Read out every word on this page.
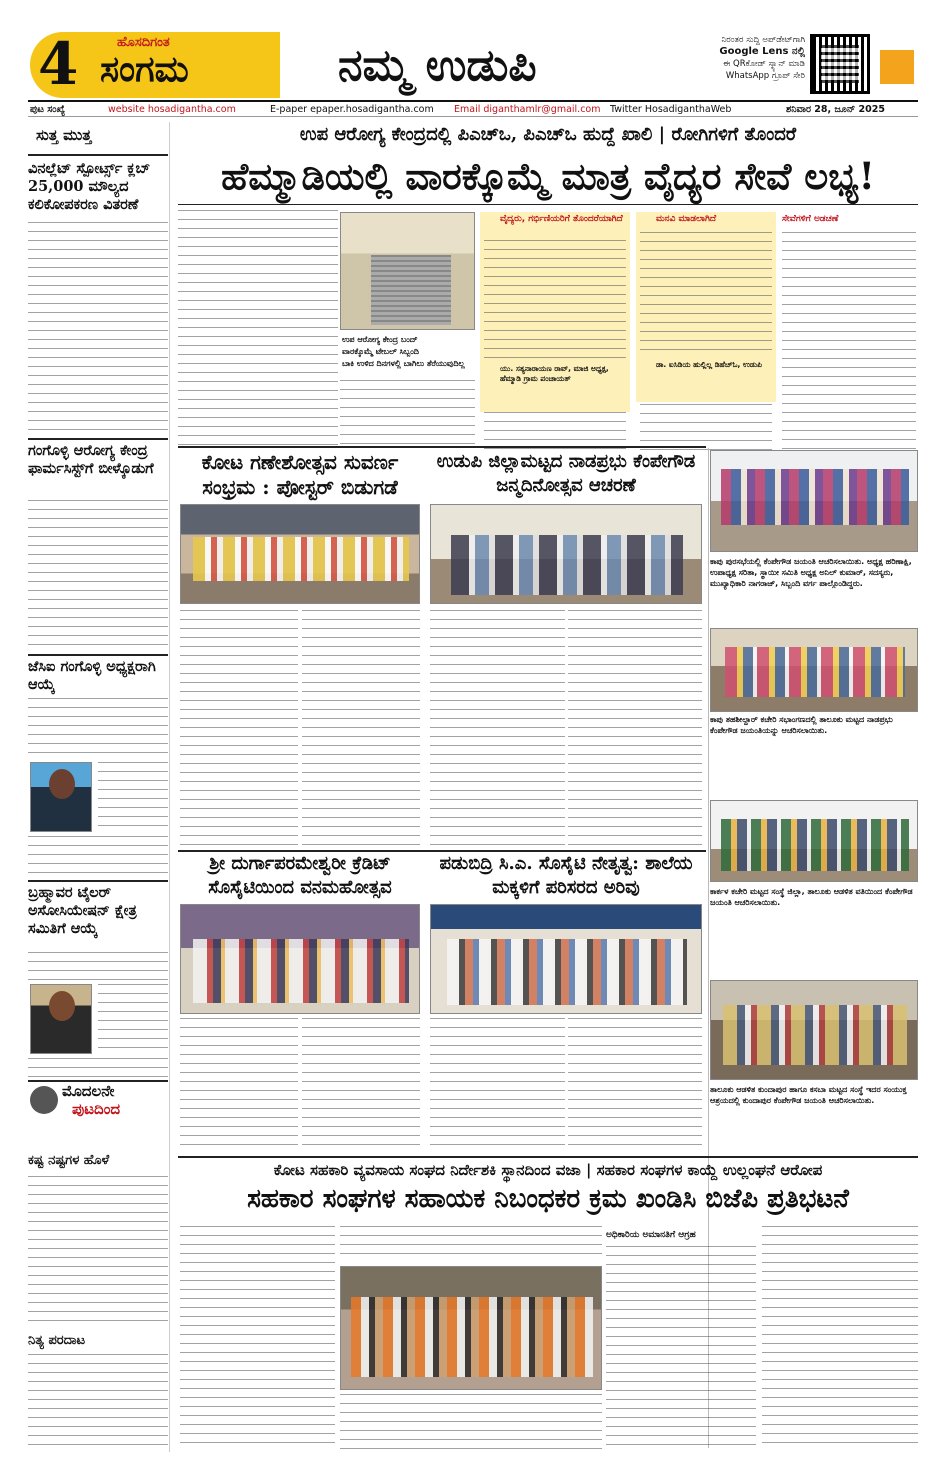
4	ಹೊಸದಿಗಂತ
ಸಂಗಮ	ನಮ್ಮ ಉಡುಪಿ	ನಿರಂತರ ಸುದ್ದಿ ಅಪ್‌ಡೇಟ್‌ಗಾಗಿ
Google Lens ನಲ್ಲಿ
ಈ QRಕೋಡ್ ಸ್ಕ್ಯಾನ್ ಮಾಡಿ
WhatsApp ಗ್ರೂಪ್ ಸೇರಿ
ಪುಟ ಸಂಖ್ಯೆ	website hosadigantha.com	E-paper epaper.hosadigantha.com Email diganthamlr@gmail.com Twitter HosadiganthaWeb	ಶನಿವಾರ 28, ಜೂನ್ 2025
ಸುತ್ತ ಮುತ್ತ
ವಿನಲ್ಲೆಟ್ ಸ್ಪೋರ್ಟ್ಸ್ ಕ್ಲಬ್ 25,000 ಮೌಲ್ಯದ ಕಲಿಕೋಪಕರಣ ವಿತರಣೆ
ಗಂಗೊಳ್ಳಿ ಆರೋಗ್ಯ ಕೇಂದ್ರ ಫಾರ್ಮಸಿಸ್ಟ್‌ಗೆ ಬೀಳ್ಕೊಡುಗೆ
ಜೆಸಿಐ ಗಂಗೊಳ್ಳಿ ಅಧ್ಯಕ್ಷರಾಗಿ ಆಯ್ಕೆ
ಬ್ರಹ್ಮಾವರ ಟೈಲರ್ ಅಸೋಸಿಯೇಷನ್ ಕ್ಷೇತ್ರ ಸಮಿತಿಗೆ ಆಯ್ಕೆ
ಮೊದಲನೇ
ಪುಟದಿಂದ
ಕಷ್ಟ ನಷ್ಟಗಳ ಹೊಳೆ
ನಿತ್ಯ ಪರದಾಟ
ಉಪ ಆರೋಗ್ಯ ಕೇಂದ್ರದಲ್ಲಿ ಪಿಎಚ್‌ಒ, ಪಿಎಚ್‌ಒ ಹುದ್ದೆ ಖಾಲಿ | ರೋಗಿಗಳಿಗೆ ತೊಂದರೆ
ಹೆಮ್ಮಾಡಿಯಲ್ಲಿ ವಾರಕ್ಕೊಮ್ಮೆ ಮಾತ್ರ ವೈದ್ಯರ ಸೇವೆ ಲಭ್ಯ!
ಉಪ ಆರೋಗ್ಯ ಕೇಂದ್ರ ಬಂದ್
ವಾರಕ್ಕೊಮ್ಮೆ ಟೇಬಲ್ ಸಿಬ್ಬಂದಿ
ಬಾಕಿ ಉಳಿದ ದಿನಗಳಲ್ಲಿ ಬಾಗಿಲು ತೆರೆಯುವುದಿಲ್ಲ
ವೈದ್ಯರು, ಗರ್ಭಿಣಿಯರಿಗೆ ತೊಂದರೆಯಾಗಿದೆ
ಯು. ಸತ್ಯನಾರಾಯಣ ರಾವ್, ಮಾಜಿ ಅಧ್ಯಕ್ಷ, ಹೆಮ್ಮಾಡಿ ಗ್ರಾಮ ಪಂಚಾಯತ್
ಮನವಿ ಮಾಡಲಾಗಿದೆ
ಡಾ. ಐಸಿಡಿಯ ಹುಲ್ಲಿಲ್ಲ ಡಿಹೆಚ್‌ಓ, ಉಡುಪಿ
ಸೇವೆಗಳಿಗೆ ಅಡಚಣೆ
ಕೋಟ ಗಣೇಶೋತ್ಸವ ಸುವರ್ಣ ಸಂಭ್ರಮ : ಪೋಸ್ಟರ್ ಬಿಡುಗಡೆ
ಉಡುಪಿ ಜಿಲ್ಲಾಮಟ್ಟದ ನಾಡಪ್ರಭು ಕೆಂಪೇಗೌಡ ಜನ್ಮದಿನೋತ್ಸವ ಆಚರಣೆ
ಕಾಪು ಪುರಸಭೆಯಲ್ಲಿ ಕೆಂಪೇಗೌಡ ಜಯಂತಿ ಆಚರಿಸಲಾಯಿತು. ಅಧ್ಯಕ್ಷ ಹರಿಣಾಕ್ಷಿ, ಉಪಾಧ್ಯಕ್ಷ ಸರಿತಾ, ಸ್ಥಾಯೀ ಸಮಿತಿ ಅಧ್ಯಕ್ಷ ಅನಿಲ್ ಕುಮಾರ್, ಸದಸ್ಯರು, ಮುಖ್ಯಾಧಿಕಾರಿ ನಾಗರಾಜ್, ಸಿಬ್ಬಂದಿ ವರ್ಗ ಪಾಲ್ಗೊಂಡಿದ್ದರು.
ಕಾಪು ತಹಶೀಲ್ದಾರ್ ಕಚೇರಿ ಸಭಾಂಗಣದಲ್ಲಿ ತಾಲೂಕು ಮಟ್ಟದ ನಾಡಪ್ರಭು ಕೆಂಪೇಗೌಡ ಜಯಂತಿಯನ್ನು ಆಚರಿಸಲಾಯಿತು.
ಕಾರ್ಕಳ ಕಚೇರಿ ಮಟ್ಟದ ಸಂಸ್ಥೆ ಜಿಲ್ಲಾ, ತಾಲೂಕು ಆಡಳಿತ ವತಿಯಿಂದ ಕೆಂಪೇಗೌಡ ಜಯಂತಿ ಆಚರಿಸಲಾಯಿತು.
ತಾಲೂಕು ಆಡಳಿತ ಕುಂದಾಪುರ ಹಾಗೂ ಕಸಬಾ ಮಟ್ಟದ ಸಂಸ್ಥೆ ಇದರ ಸಂಯುಕ್ತ ಆಶ್ರಯದಲ್ಲಿ ಕುಂದಾಪುರ ಕೆಂಪೇಗೌಡ ಜಯಂತಿ ಆಚರಿಸಲಾಯಿತು.
ಶ್ರೀ ದುರ್ಗಾಪರಮೇಶ್ವರೀ ಕ್ರೆಡಿಟ್ ಸೊಸೈಟಿಯಿಂದ ವನಮಹೋತ್ಸವ
ಪಡುಬಿದ್ರಿ ಸಿ.ಎ. ಸೊಸೈಟಿ ನೇತೃತ್ವ: ಶಾಲೆಯ ಮಕ್ಕಳಿಗೆ ಪರಿಸರದ ಅರಿವು
ಕೋಟ ಸಹಕಾರಿ ವ್ಯವಸಾಯ ಸಂಘದ ನಿರ್ದೇಶಕಿ ಸ್ಥಾನದಿಂದ ವಜಾ | ಸಹಕಾರ ಸಂಘಗಳ ಕಾಯ್ದೆ ಉಲ್ಲಂಘನೆ ಆರೋಪ
ಸಹಕಾರ ಸಂಘಗಳ ಸಹಾಯಕ ನಿಬಂಧಕರ ಕ್ರಮ ಖಂಡಿಸಿ ಬಿಜೆಪಿ ಪ್ರತಿಭಟನೆ
ಅಧಿಕಾರಿಯ ಅಮಾನತಿಗೆ ಆಗ್ರಹ
